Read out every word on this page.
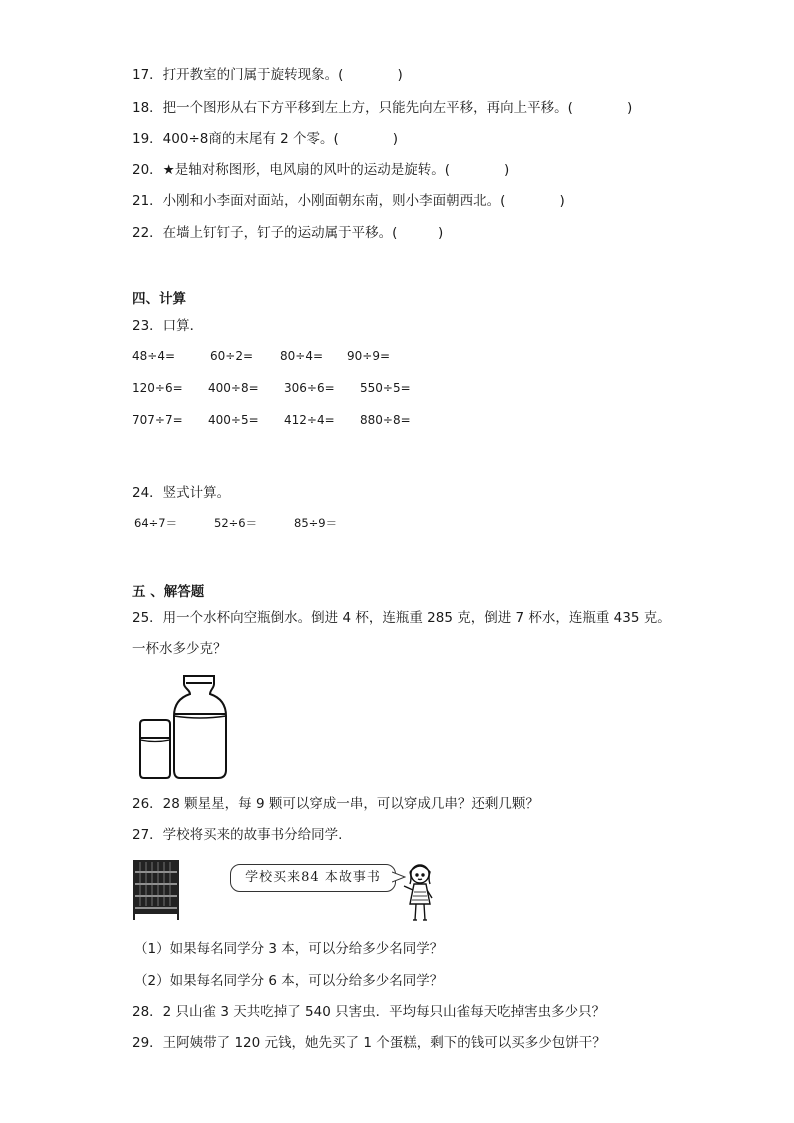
17．打开教室的门属于旋转现象。(　　　　)
18．把一个图形从右下方平移到左上方，只能先向左平移，再向上平移。(　　　　)
19．400÷8商的末尾有 2 个零。(　　　　)
20．★是轴对称图形，电风扇的风叶的运动是旋转。(　　　　)
21．小刚和小李面对面站，小刚面朝东南，则小李面朝西北。(　　　　)
22．在墙上钉钉子，钉子的运动属于平移。(　　　)
四、计算
23．口算．
48÷4=	60÷2= 80÷4= 90÷9=
120÷6= 400÷8= 306÷6= 550÷5=
707÷7= 400÷5= 412÷4= 880÷8=
24．竖式计算。
64÷7＝	52÷6＝	85÷9＝
五 、解答题
25．用一个水杯向空瓶倒水。倒进 4 杯，连瓶重 285 克，倒进 7 杯水，连瓶重 435 克。
一杯水多少克？
26．28 颗星星，每 9 颗可以穿成一串，可以穿成几串？还剩几颗？
27．学校将买来的故事书分给同学.
学校买来84 本故事书
（1）如果每名同学分 3 本，可以分给多少名同学？
（2）如果每名同学分 6 本，可以分给多少名同学？
28．2 只山雀 3 天共吃掉了 540 只害虫．平均每只山雀每天吃掉害虫多少只？
29．王阿姨带了 120 元钱，她先买了 1 个蛋糕，剩下的钱可以买多少包饼干？
